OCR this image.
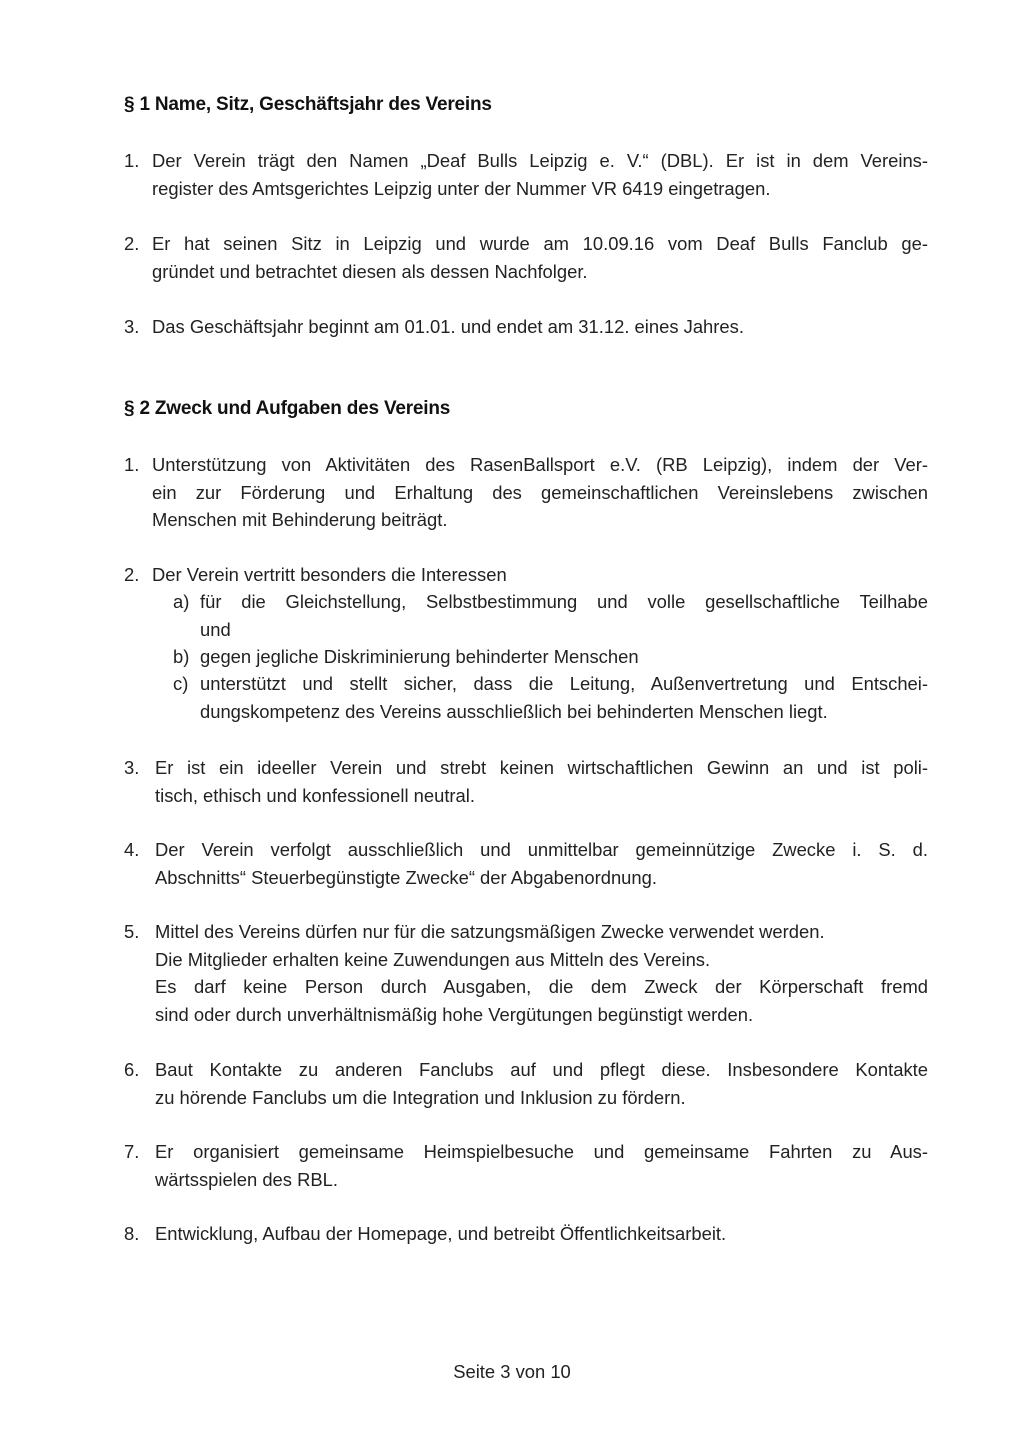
§ 1 Name, Sitz, Geschäftsjahr des Vereins
1. Der Verein trägt den Namen „Deaf Bulls Leipzig e. V.“ (DBL). Er ist in dem Vereins-
register des Amtsgerichtes Leipzig unter der Nummer VR 6419 eingetragen.
2. Er hat seinen Sitz in Leipzig und wurde am 10.09.16 vom Deaf Bulls Fanclub ge-
gründet und betrachtet diesen als dessen Nachfolger.
3. Das Geschäftsjahr beginnt am 01.01. und endet am 31.12. eines Jahres.
§ 2 Zweck und Aufgaben des Vereins
1. Unterstützung von Aktivitäten des RasenBallsport e.V. (RB Leipzig), indem der Ver-
ein zur Förderung und Erhaltung des gemeinschaftlichen Vereinslebens zwischen
Menschen mit Behinderung beiträgt.
2. Der Verein vertritt besonders die Interessen
a) für die Gleichstellung, Selbstbestimmung und volle gesellschaftliche Teilhabe
und
b) gegen jegliche Diskriminierung behinderter Menschen
c) unterstützt und stellt sicher, dass die Leitung, Außenvertretung und Entschei-
dungskompetenz des Vereins ausschließlich bei behinderten Menschen liegt.
3. Er ist ein ideeller Verein und strebt keinen wirtschaftlichen Gewinn an und ist poli-
tisch, ethisch und konfessionell neutral.
4. Der Verein verfolgt ausschließlich und unmittelbar gemeinnützige Zwecke i. S. d.
Abschnitts“ Steuerbegünstigte Zwecke“ der Abgabenordnung.
5. Mittel des Vereins dürfen nur für die satzungsmäßigen Zwecke verwendet werden.
Die Mitglieder erhalten keine Zuwendungen aus Mitteln des Vereins.
Es darf keine Person durch Ausgaben, die dem Zweck der Körperschaft fremd
sind oder durch unverhältnismäßig hohe Vergütungen begünstigt werden.
6. Baut Kontakte zu anderen Fanclubs auf und pflegt diese. Insbesondere Kontakte
zu hörende Fanclubs um die Integration und Inklusion zu fördern.
7. Er organisiert gemeinsame Heimspielbesuche und gemeinsame Fahrten zu Aus-
wärtsspielen des RBL.
8. Entwicklung, Aufbau der Homepage, und betreibt Öffentlichkeitsarbeit.
Seite 3 von 10
